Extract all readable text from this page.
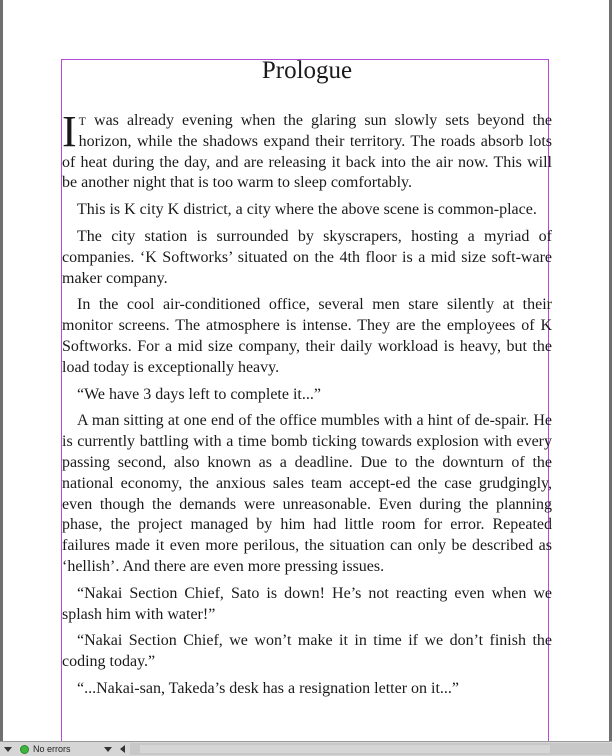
Prologue

I T was already evening when the glaring sun slowly sets beyond the horizon, while the shadows expand their territory. The roads absorb lots of heat during the day, and are releasing it back into the air now. This will be another night that is too warm to sleep comfortably.

This is K city K district, a city where the above scene is common-place.

The city station is surrounded by skyscrapers, hosting a myriad of companies. ‘K Softworks’ situated on the 4th floor is a mid size soft-ware maker company.

In the cool air-conditioned office, several men stare silently at their monitor screens. The atmosphere is intense. They are the employees of K Softworks. For a mid size company, their daily workload is heavy, but the load today is exceptionally heavy.

“We have 3 days left to complete it...”

A man sitting at one end of the office mumbles with a hint of de-spair. He is currently battling with a time bomb ticking towards explosion with every passing second, also known as a deadline. Due to the downturn of the national economy, the anxious sales team accept-ed the case grudgingly, even though the demands were unreasonable. Even during the planning phase, the project managed by him had little room for error. Repeated failures made it even more perilous, the situation can only be described as ‘hellish’. And there are even more pressing issues.

“Nakai Section Chief, Sato is down! He’s not reacting even when we splash him with water!”

“Nakai Section Chief, we won’t make it in time if we don’t finish the coding today.”

“...Nakai-san, Takeda’s desk has a resignation letter on it...”

No errors
